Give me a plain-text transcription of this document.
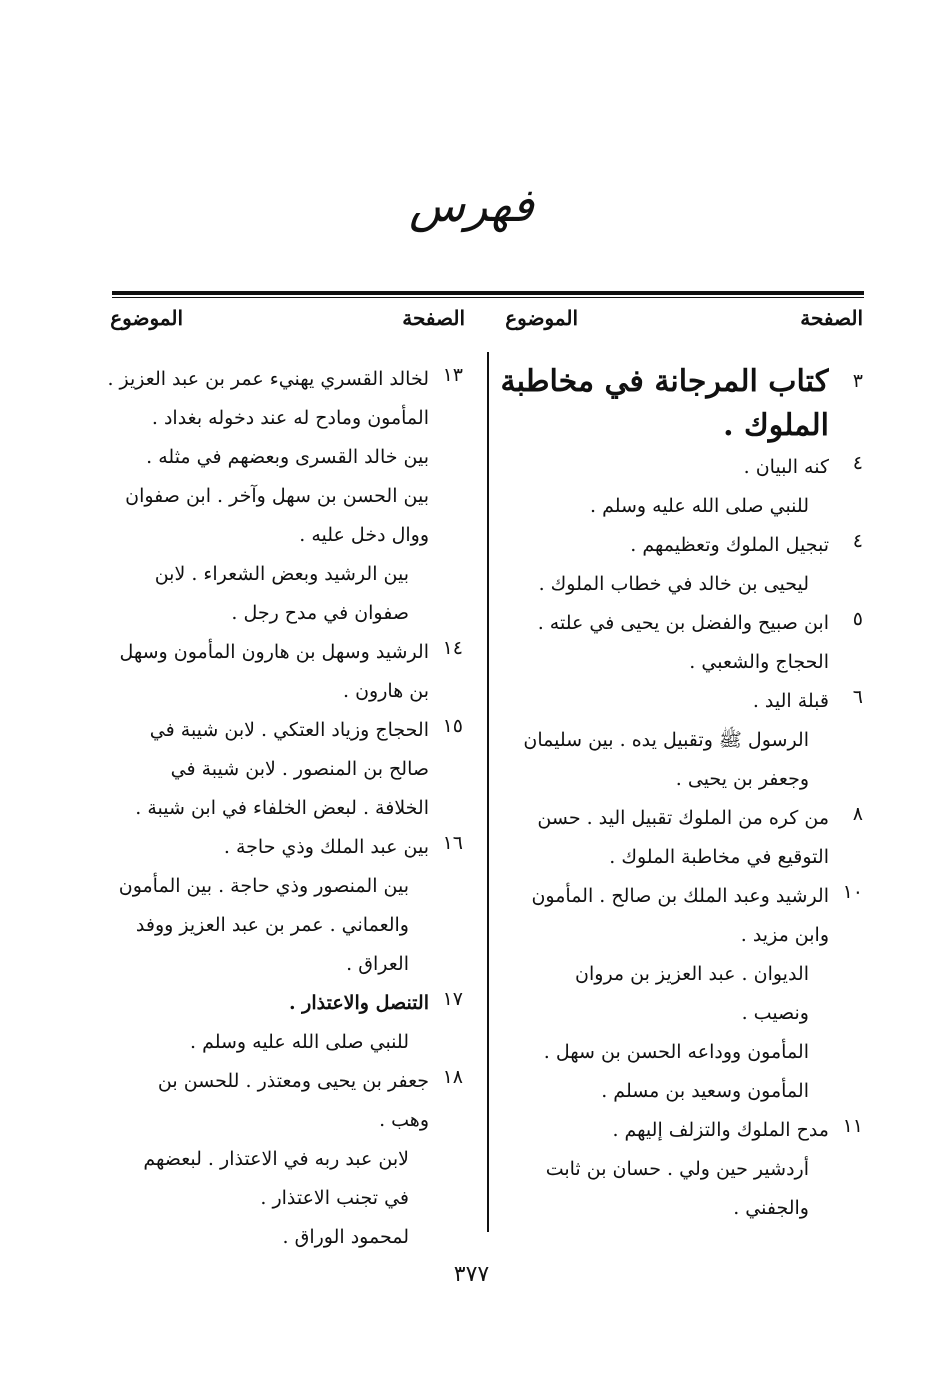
فهرس
الصفحة
الموضوع
الصفحة
الموضوع
٣
كتاب المرجانة في مخاطبة
الملوك .
٤
كنه البيان .
للنبي صلى الله عليه وسلم .
٤
تبجيل الملوك وتعظيمهم .
ليحيى بن خالد في خطاب الملوك .
٥
ابن صبيح والفضل بن يحيى في علته .
الحجاج والشعبي .
٦
قبلة اليد .
الرسول ﷺ وتقبيل يده . بين سليمان
وجعفر بن يحيى .
٨
من كره من الملوك تقبيل اليد . حسن
التوقيع في مخاطبة الملوك .
١٠
الرشيد وعبد الملك بن صالح . المأمون
وابن مزيد .
الديوان . عبد العزيز بن مروان
ونصيب .
المأمون ووداعه الحسن بن سهل .
المأمون وسعيد بن مسلم .
١١
مدح الملوك والتزلف إليهم .
أردشير حين ولي . حسان بن ثابت
والجفني .
١٣
لخالد القسري يهنيء عمر بن عبد العزيز .
المأمون ومادح له عند دخوله بغداد .
بين خالد القسرى وبعضهم في مثله .
بين الحسن بن سهل وآخر . ابن صفوان
ووال دخل عليه .
بين الرشيد وبعض الشعراء . لابن
صفوان في مدح رجل .
١٤
الرشيد وسهل بن هارون المأمون وسهل
بن هارون .
١٥
الحجاج وزياد العتكي . لابن شيبة في
صالح بن المنصور . لابن شيبة في
الخلافة . لبعض الخلفاء في ابن شيبة .
١٦
بين عبد الملك وذي حاجة .
بين المنصور وذي حاجة . بين المأمون
والعماني . عمر بن عبد العزيز ووفد
العراق .
١٧
التنصل والاعتذار .
للنبي صلى الله عليه وسلم .
١٨
جعفر بن يحيى ومعتذر . للحسن بن
وهب .
لابن عبد ربه في الاعتذار . لبعضهم
في تجنب الاعتذار .
لمحمود الوراق .
٣٧٧
